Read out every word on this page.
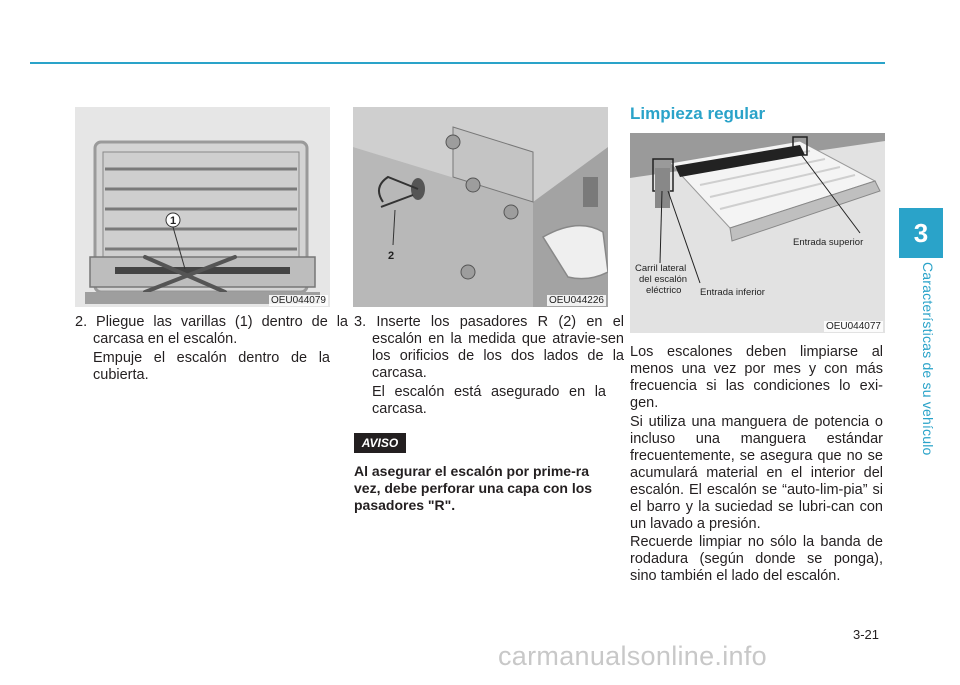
3
Características de su vehículo
1
OEU044079
2
OEU044226
Entrada superior
Carril lateral
del escalón
eléctrico Entrada inferior
OEU044077
2. Pliegue las varillas (1) dentro de la carcasa en el escalón.
Empuje el escalón dentro de la cubierta.
3. Inserte los pasadores R (2) en el escalón en la medida que atravie-sen los orificios de los dos lados de la carcasa.
El escalón está asegurado en la carcasa.
AVISO
Al asegurar el escalón por prime-ra vez, debe perforar una capa con los pasadores "R".
Limpieza regular
Los escalones deben limpiarse al menos una vez por mes y con más frecuencia si las condiciones lo exi-gen.
Si utiliza una manguera de potencia o incluso una manguera estándar frecuentemente, se asegura que no se acumulará material en el interior del escalón. El escalón se “auto-lim-pia” si el barro y la suciedad se lubri-can con un lavado a presión.
Recuerde limpiar no sólo la banda de rodadura (según donde se ponga), sino también el lado del escalón.
3-21
carmanualsonline.info
